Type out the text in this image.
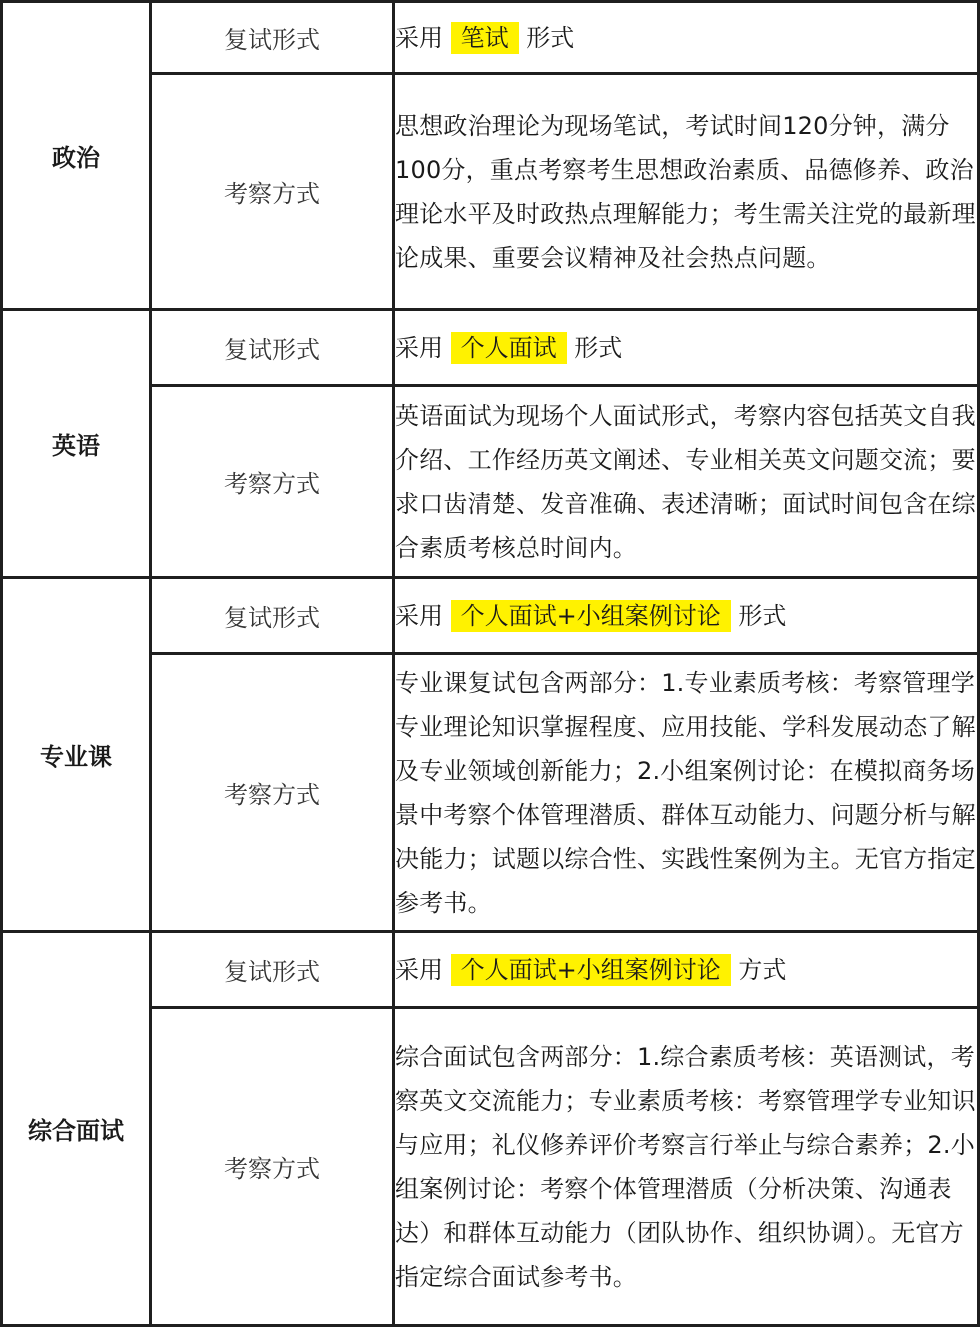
政治	复试形式	采用 笔试 形式
	考察方式	思想政治理论为现场笔试，考试时间120分钟，满分100分，重点考察考生思想政治素质、品德修养、政治理论水平及时政热点理解能力；考生需关注党的最新理论成果、重要会议精神及社会热点问题。
英语	复试形式	采用 个人面试 形式
	考察方式	英语面试为现场个人面试形式，考察内容包括英文自我介绍、工作经历英文阐述、专业相关英文问题交流；要求口齿清楚、发音准确、表述清晰；面试时间包含在综合素质考核总时间内。
专业课	复试形式	采用 个人面试+小组案例讨论 形式
	考察方式	专业课复试包含两部分：1.专业素质考核：考察管理学专业理论知识掌握程度、应用技能、学科发展动态了解及专业领域创新能力；2.小组案例讨论：在模拟商务场景中考察个体管理潜质、群体互动能力、问题分析与解决能力；试题以综合性、实践性案例为主。无官方指定参考书。
综合面试	复试形式	采用 个人面试+小组案例讨论 方式
	考察方式	综合面试包含两部分：1.综合素质考核：英语测试，考察英文交流能力；专业素质考核：考察管理学专业知识与应用；礼仪修养评价考察言行举止与综合素养；2.小组案例讨论：考察个体管理潜质（分析决策、沟通表达）和群体互动能力（团队协作、组织协调）。无官方指定综合面试参考书。
